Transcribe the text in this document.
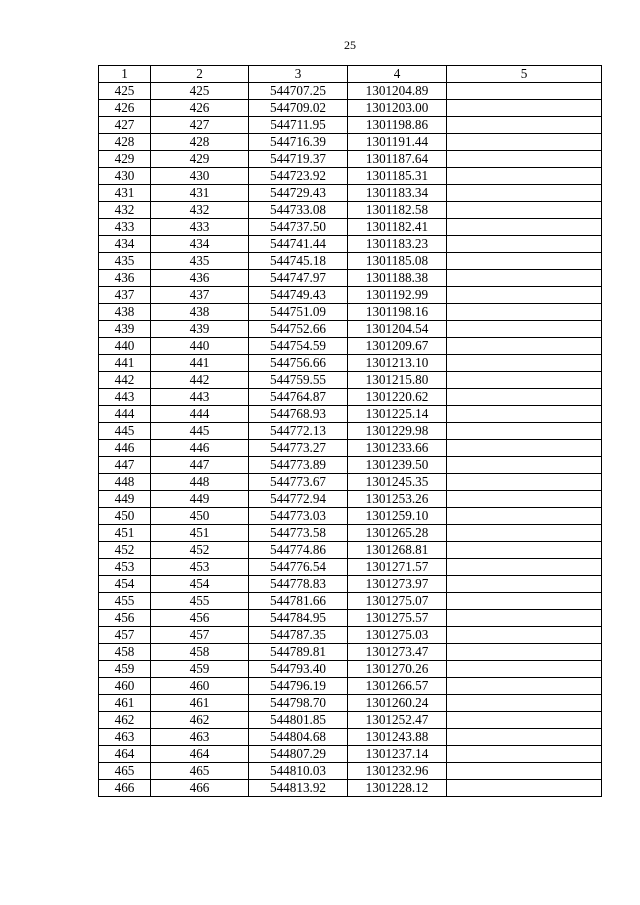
25
1	2	3	4	5
425	425	544707.25	1301204.89	
426	426	544709.02	1301203.00	
427	427	544711.95	1301198.86	
428	428	544716.39	1301191.44	
429	429	544719.37	1301187.64	
430	430	544723.92	1301185.31	
431	431	544729.43	1301183.34	
432	432	544733.08	1301182.58	
433	433	544737.50	1301182.41	
434	434	544741.44	1301183.23	
435	435	544745.18	1301185.08	
436	436	544747.97	1301188.38	
437	437	544749.43	1301192.99	
438	438	544751.09	1301198.16	
439	439	544752.66	1301204.54	
440	440	544754.59	1301209.67	
441	441	544756.66	1301213.10	
442	442	544759.55	1301215.80	
443	443	544764.87	1301220.62	
444	444	544768.93	1301225.14	
445	445	544772.13	1301229.98	
446	446	544773.27	1301233.66	
447	447	544773.89	1301239.50	
448	448	544773.67	1301245.35	
449	449	544772.94	1301253.26	
450	450	544773.03	1301259.10	
451	451	544773.58	1301265.28	
452	452	544774.86	1301268.81	
453	453	544776.54	1301271.57	
454	454	544778.83	1301273.97	
455	455	544781.66	1301275.07	
456	456	544784.95	1301275.57	
457	457	544787.35	1301275.03	
458	458	544789.81	1301273.47	
459	459	544793.40	1301270.26	
460	460	544796.19	1301266.57	
461	461	544798.70	1301260.24	
462	462	544801.85	1301252.47	
463	463	544804.68	1301243.88	
464	464	544807.29	1301237.14	
465	465	544810.03	1301232.96	
466	466	544813.92	1301228.12	
